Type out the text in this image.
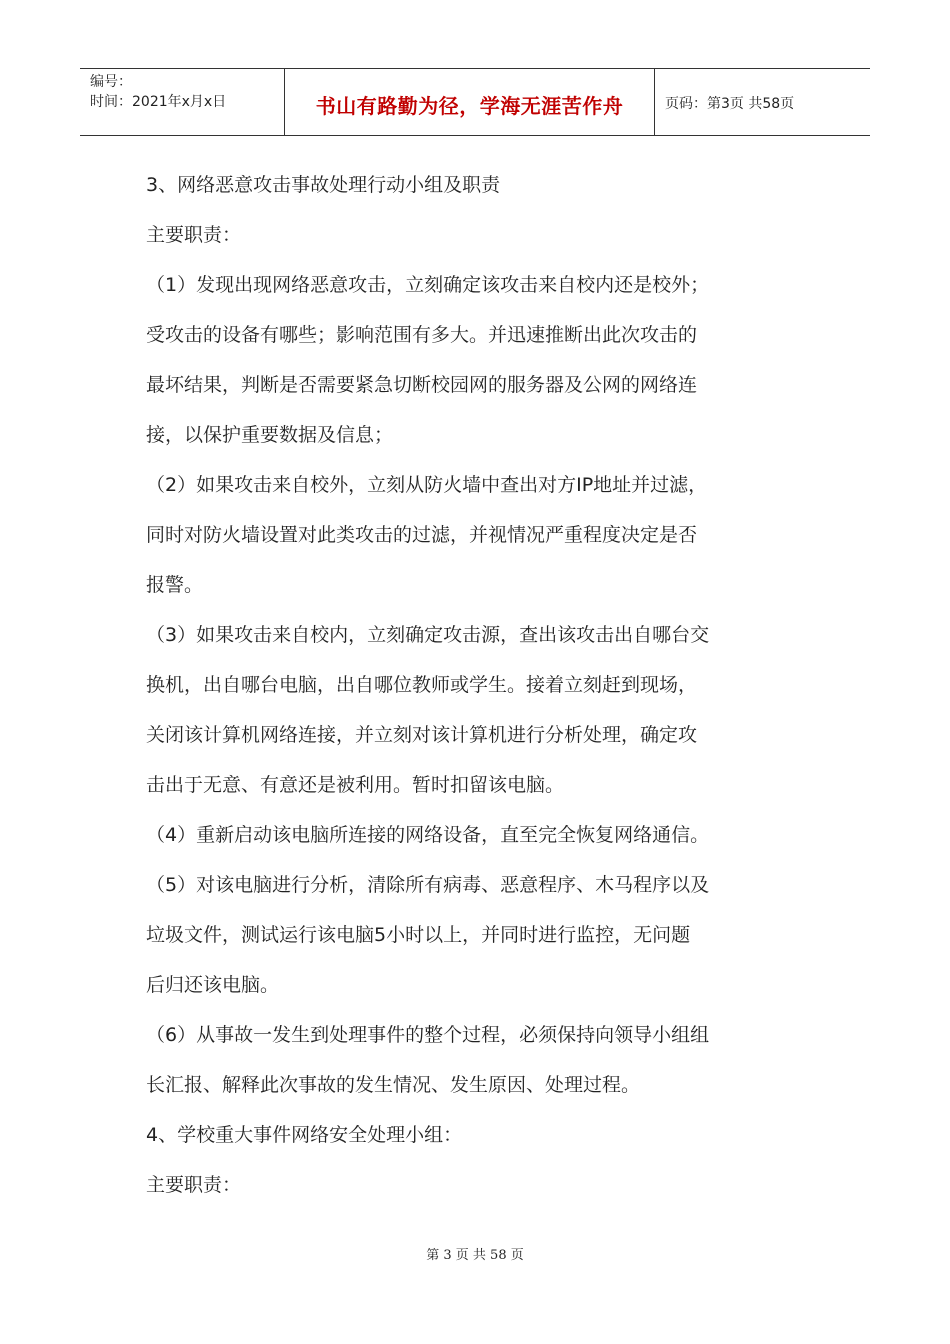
编号：
时间：2021年x月x日	书山有路勤为径，学海无涯苦作舟	页码：第3页 共58页

3、网络恶意攻击事故处理行动小组及职责

主要职责：

（1）发现出现网络恶意攻击，立刻确定该攻击来自校内还是校外；

受攻击的设备有哪些；影响范围有多大。并迅速推断出此次攻击的

最坏结果，判断是否需要紧急切断校园网的服务器及公网的网络连

接，以保护重要数据及信息；

（2）如果攻击来自校外，立刻从防火墙中查出对方IP地址并过滤，

同时对防火墙设置对此类攻击的过滤，并视情况严重程度决定是否

报警。

（3）如果攻击来自校内，立刻确定攻击源，查出该攻击出自哪台交

换机，出自哪台电脑，出自哪位教师或学生。接着立刻赶到现场，

关闭该计算机网络连接，并立刻对该计算机进行分析处理，确定攻

击出于无意、有意还是被利用。暂时扣留该电脑。

（4）重新启动该电脑所连接的网络设备，直至完全恢复网络通信。

（5）对该电脑进行分析，清除所有病毒、恶意程序、木马程序以及

垃圾文件，测试运行该电脑5小时以上，并同时进行监控，无问题

后归还该电脑。

（6）从事故一发生到处理事件的整个过程，必须保持向领导小组组

长汇报、解释此次事故的发生情况、发生原因、处理过程。

4、学校重大事件网络安全处理小组：

主要职责：

第 3 页 共 58 页
